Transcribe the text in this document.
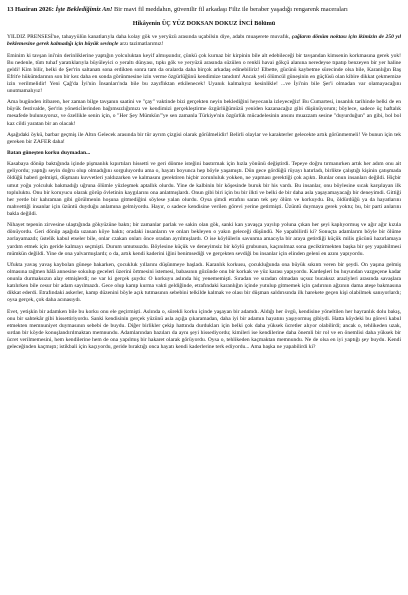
13 Haziran 2026: İşte Beklediğimiz An! Bir mavi fil meddahın, güvenilir fil arkadaşı Filiz ile beraber yaşadığı rengarenk maceraları

Hikâyenin ÜÇ YÜZ DOKSAN DOKUZ İNCİ Bölümü

YILDIZ PRENSESİ'ne, tahayyülün kanatlarıyla daha kolay gök ve yeryüzü arasında uçabilsin diye, adabı muaşerete muvafık, çağların dönüm noktası için ikimizin de 250 yıl beklemesine gerek kalmadığı için büyük sevinçle arzı tazimatlarımız!

Eminim ki tavşan ini'nin derinliklerine yaptığın yolculuktan keyif almışsındır, çünkü çok kurnaz bir kirpinin bile alt edebileceği bir tavşandan kimsenin korkmasına gerek yok! Bu nedenle, tüm tuhaf yaratıklarıyla büyüleyici o yeraltı dünyası, tıpkı gök ve yeryüzü arasında süzülen o renkli havai gökçü alanına neredeyse tıpatıp benzeyen bir yer haline geldi! Kim bilir, belki de Şer'rin saltanatı sona erdikten sonra tam da oralarda daha birçok arkadaş edinebiliriz! Elbette, gücünü kaybetme sürecinde olsa bile, Karanlığın Baş Efrit'e hükümdarının son bir kez daha en sonda görünmesine izin verme özgürlüğünü kendimize tanıdım! Ancak yeli ölümcül güneşinin en güçlüsü olan kibire dikkat çekmemize izin verilmelidir! Yeni Çağ'da İyi'nin İnsanları'nda bile bu zayıflıktan etkilenecek! Uyanık kalmalıyız kesinlikle! ...ve İyi'nin bile Şer'i olmadan var olamayacağını unutmamalıyız!

Ama bugünden itibaren, her zaman bilge tavşanın saatini ve "çay" vaktinde bizi gerçekten neyin beklediğini heyecanla izleyeceğiz! Bu Cumartesi, insanlık tarihinde belki de en büyük festivalde, Şer'rin yönetici̇lerinden bağımsızlığımızı ve kendimizi gerçekleştirme özgürlüğümüzü yeniden kazanacağız gibi düşünüyorum; böylece, sadece üç haftalık mesafede bulunuyoruz, ve özellikle senin için, o "Her Şey Mümkün"'ye sen zamanla Türkiye'nin özgürlük mücadelesinin ansını muazzam sesine "duyurduğun" an gibi, bol bol kaz cildi yaratan bir an olacak!

Aşağıdaki öykü, barbar geçmiş ile Altın Gelecek arasında bir tür ayrım çizgisi olarak görülmelidir! Belirli olaylar ve karakterler gelecekte artık görünmemeli! Ve bunun için tek gereken bir ZAFER daha!

Batan güneşten korku duymadan...

Kasabaya dönüp baktığında içinde pişmanlık kıpırtıları hissetti ve geri dönme isteğini bastırmak için hızla yönünü değiştirdi. Tepeye doğru tırmanırken artık her adım onu ait geliyordu; yaptığı seyin doğru olup olmadığını sorguluyordu ama o, hayatı boyunca hep böyle yaşamıştı. Dün gece gördüğü rüyayı hatırladı, birlikte çalıştığı kişinin çatışmada öldüğü haberi gelmişti, düşmanı kuvvetleri yaldızarken ve kalmasını gerektiren hiçbir zorunluluk yokken, ne yapması gerektiği çok açıktı. Bunlar onun insanları değildi. Hiçbir umut yoğu yolculuk bakmadığı uğruna ölümle yüzleşmek aptallık olurdu. Yine de kalbinin bir köşesinde buruk bir his vardı. Bu insanlar, onu böylesine sıcak karşılayan ilk topluluktu. Onu bir koruyucu olarak görüp övletinin kaygılarını ona anlatmışlardı. Onun gibi biri için bu bir ilkti ve belki de bir daha asla yaşayamayacağı bir deneyimdi. Gittiği her yerde bir kahraman gibi görülmenin hoşuna gitmediğini söylese yalan olurdu. Oysa şimdi etrafını saran tek şey ölüm ve korkuydu. Bu, öldürdüğü ya da hayatlarını mahvettiği insanlar için üzüntü duyduğu anlamına gelmiyordu. Hayır, o sadece kendisine verilen görevi yerine getirmişti. Üzüntü duymaya gerek yoktu; bu, bir parti anlarını bakla değildi.

Nihayet tepenin zirvesine ulaştığında gökyüzüne baktı; bir zamanlar parlak ve sakin olan gök, sanki kan yavaşça yayılıp yoluna çıkan her şeyi kaplıyormuş ve ağır ağır kızıla dönüyordu. Geri dönüp aşağıda uzanan köye baktı; oradaki insanların ve onları bekleyen o yakın geleceği düşündü. Ne yapabilirdi ki? Sonuçta adamlarım böyle bir ölüme zorlayamazdı; üstelik kabul etseler bile, onlar czakan onları önce oradan ayrılmışlardı. O ise köylülerin savunma amacıyla bir araya getirdiği küçük milis gücünü hazırlamaya yardım etmek için geride kalmayı seçmişti. Durum umutsuzdu. Böylesine küçük ve deneyimsiz bir köylü grubunun, kaçınılmaz sona geciktirmekten başka bir şey yapabilmesi mümkün değildi. Yine de ona yalvarmışlardı; o da, artık kendi kaderini iğini benimsediği ve gerçekten sevdiği bu insanlar için elinden geleni en azını yapıyordu.

Ufukta yavaş yavaş kaybolan güneşe bakarken, çocukluk yıllarını düşünmeye başladı. Karanlık korkusu, çocukluğunda ona büyük sıkıntı veren bir şeydi. On yaşına gelmiş olmasına rağmen hâlâ annesine sokulup geceleri üzerini örtmesini istemesi, babasının gözünde onu bir korkak ve yüz karası yapıyordu. Kardeşleri bu huyundan vazgeçene kadar onunla durmaksızın alay etmişlerdi; ne var ki gerçek şuydu: O korkuyu aslında hiç yenememişti. Sıradan ve sıradan olmadan uçsuz bucaksız araziyleri arasında savaşlara katılırken bile cesur bir adam sayılmazdı. Gece olup kamp kurma vakti geldiğinde, etrafındaki karanlığın içinde yutulup gitmemek için çadırının ağzının dama ateşe bakmasına dikkat ederdi. Etrafındaki askerler, kamp düzenini böyle açık tutmasının sebebini telkilde kalmak ve olası bir düşman saldırısında ilk harekete geçen kişi olabilmek sanıyorlardı; oysa gerçek, çok daha acınasıydı.

Evet, yetişkin bir adamken bile bu korku onu ele geçirmişti. Aslında o, sürekli korku içinde yaşayan bir adamdı. Aldığı her övgü, kendisine yöneltilen her hayranlık dolu bakış, onu bir sahtekâr gibi hissettiriyordu. Sanki kendisinin gerçek yüzünü asla açığa çıkaramadan, daha iyi bir adamın hayatını yaşıyormuş gibiydi. Hatta köydeki bu görevi kabul etmekten memnuniyet duymasının sebebi de buydu. Diğer birlikler çekip hattında durdukları için belki çok daha yüksek ücretler alıyor olabilirdi; ancak o, tehlikeden uzak, sırdan bir köyde konuşlandırılmaktan memnundu. Adamlarından bazıları da aynı şeyi hissediyordu; kimileri ise kendilerine daha önemli bir rol ve en önemlisi daha yüksek bir ücret verilmemesini, hem kendilerine hem de ona yapılmış bir hakaret olarak görüyordu. Oysa o, tehlikeden kaçmaktan memnundu. Ne de olsa en iyi yaptığı şey buydu. Kendi geleceğinden kaçmıştı; istikbali için kaçıyordu, geride bıraktığı onca hayatı kendi kaderlerine terk ediyordu... Ama başka ne yapabilirdi ki?
